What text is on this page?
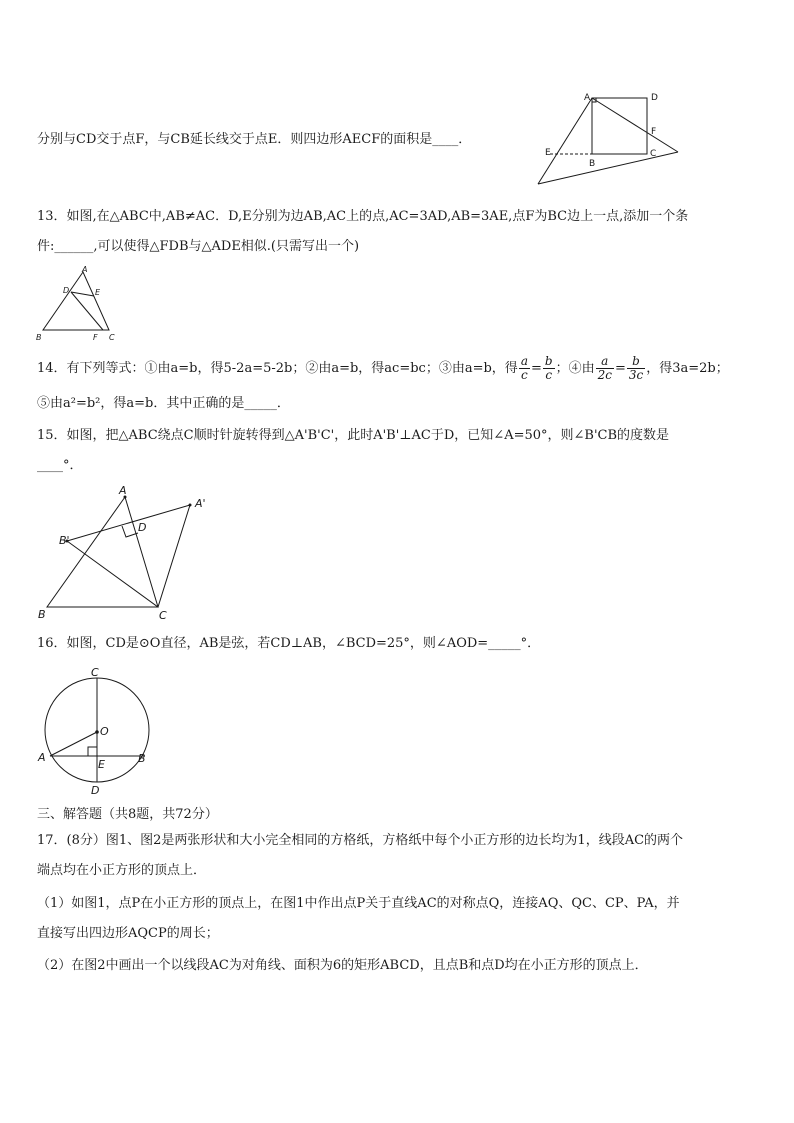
A	D
F
C
B
E
分别与CD交于点F，与CB延长线交于点E．则四边形AECF的面积是____．
13．如图,在△ABC中,AB≠AC．D,E分别为边AB,AC上的点,AC=3AD,AB=3AE,点F为BC边上一点,添加一个条
件:______,可以使得△FDB与△ADE相似.(只需写出一个)
A
D	E
B	F C
14．有下列等式：①由a=b，得5-2a=5-2b；②由a=b，得ac=bc；③由a=b，得 $\frac{a}{c} = \frac{b}{c}$ ；④由 $\frac{a}{2c} = \frac{b}{3c}$ ，得3a=2b；
⑤由a²=b²，得a=b．其中正确的是_____．
15．如图，把△ABC绕点C顺时针旋转得到△A'B'C'，此时A'B'⊥AC于D，已知∠A=50°，则∠B'CB的度数是
____°．
A
A'
D
B'
B	C
16．如图，CD是⊙O直径，AB是弦，若CD⊥AB，∠BCD=25°，则∠AOD=_____°．
C
O
A	B
E
D
三、解答题（共8题，共72分）
17．(8分）图1、图2是两张形状和大小完全相同的方格纸，方格纸中每个小正方形的边长均为1，线段AC的两个
端点均在小正方形的顶点上．
（1）如图1，点P在小正方形的顶点上，在图1中作出点P关于直线AC的对称点Q，连接AQ、QC、CP、PA，并
直接写出四边形AQCP的周长；
（2）在图2中画出一个以线段AC为对角线、面积为6的矩形ABCD，且点B和点D均在小正方形的顶点上．
